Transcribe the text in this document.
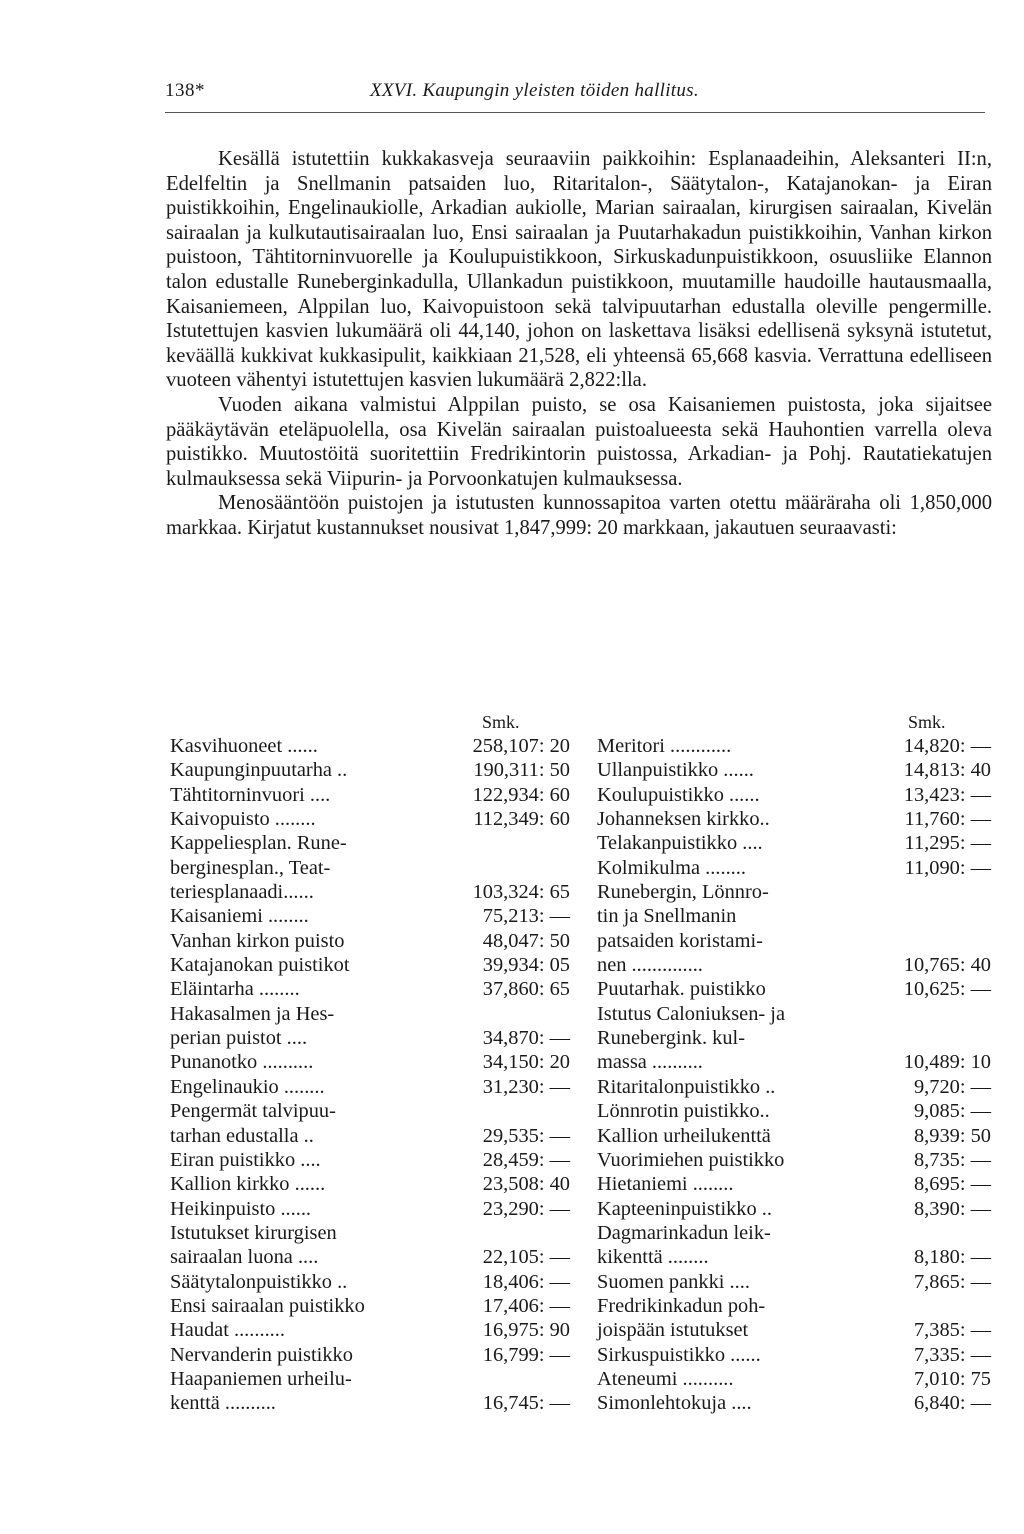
138*	XXVI. Kaupungin yleisten töiden hallitus.

Kesällä istutettiin kukkakasveja seuraaviin paikkoihin: Esplanaadeihin, Aleksanteri II:n, Edelfeltin ja Snellmanin patsaiden luo, Ritaritalon-, Säätytalon-, Katajanokan- ja Eiran puistikkoihin, Engelinaukiolle, Arkadian aukiolle, Marian sairaalan, kirurgisen sairaalan, Kivelän sairaalan ja kulkutautisairaalan luo, Ensi sairaalan ja Puutarhakadun puistikkoihin, Vanhan kirkon puistoon, Tähtitorninvuorelle ja Koulupuistikkoon, Sirkuskadunpuistikkoon, osuusliike Elannon talon edustalle Runeberginkadulla, Ullankadun puistikkoon, muutamille haudoille hautausmaalla, Kaisaniemeen, Alppilan luo, Kaivopuistoon sekä talvipuutarhan edustalla oleville pengermille. Istutettujen kasvien lukumäärä oli 44,140, johon on laskettava lisäksi edellisenä syksynä istutetut, keväällä kukkivat kukkasipulit, kaikkiaan 21,528, eli yhteensä 65,668 kasvia. Verrattuna edelliseen vuoteen vähentyi istutettujen kasvien lukumäärä 2,822:lla.

Vuoden aikana valmistui Alppilan puisto, se osa Kaisaniemen puistosta, joka sijaitsee pääkäytävän eteläpuolella, osa Kivelän sairaalan puistoalueesta sekä Hauhontien varrella oleva puistikko. Muutostöitä suoritettiin Fredrikintorin puistossa, Arkadian- ja Pohj. Rautatiekatujen kulmauksessa sekä Viipurin- ja Porvoonkatujen kulmauksessa.

Menosääntöön puistojen ja istutusten kunnossapitoa varten otettu määräraha oli 1,850,000 markkaa. Kirjatut kustannukset nousivat 1,847,999: 20 markkaan, jakautuen seuraavasti:

Smk.	Smk.
Kasvihuoneet ......	258,107: 20
Kaupunginpuutarha ..	190,311: 50
Tähtitorninvuori ....	122,934: 60
Kaivopuisto ........	112,349: 60
Kappeliesplan. Rune-
berginesplan., Teat-
teriesplanaadi......	103,324: 65
Kaisaniemi ........	75,213: —
Vanhan kirkon puisto	48,047: 50
Katajanokan puistikot	39,934: 05
Eläintarha ........	37,860: 65
Hakasalmen ja Hes-
perian puistot ....	34,870: —
Punanotko ..........	34,150: 20
Engelinaukio ........	31,230: —
Pengermät talvipuu-
tarhan edustalla ..	29,535: —
Eiran puistikko ....	28,459: —
Kallion kirkko ......	23,508: 40
Heikinpuisto ......	23,290: —
Istutukset kirurgisen
sairaalan luona ....	22,105: —
Säätytalonpuistikko ..	18,406: —
Ensi sairaalan puistikko	17,406: —
Haudat ..........	16,975: 90
Nervanderin puistikko	16,799: —
Haapaniemen urheilu-
kenttä ..........	16,745: —
Meritori ............	14,820: —
Ullanpuistikko ......	14,813: 40
Koulupuistikko ......	13,423: —
Johanneksen kirkko..	11,760: —
Telakanpuistikko ....	11,295: —
Kolmikulma ........	11,090: —
Runebergin, Lönnro-
tin ja Snellmanin
patsaiden koristami-
nen ..............	10,765: 40
Puutarhak. puistikko	10,625: —
Istutus Caloniuksen- ja
Runebergink. kul-
massa ..........	10,489: 10
Ritaritalonpuistikko ..	9,720: —
Lönnrotin puistikko..	9,085: —
Kallion urheilukenttä	8,939: 50
Vuorimiehen puistikko	8,735: —
Hietaniemi ........	8,695: —
Kapteeninpuistikko ..	8,390: —
Dagmarinkadun leik-
kikenttä ........	8,180: —
Suomen pankki ....	7,865: —
Fredrikinkadun poh-
joispään istutukset	7,385: —
Sirkuspuistikko ......	7,335: —
Ateneumi ..........	7,010: 75
Simonlehtokuja ....	6,840: —
